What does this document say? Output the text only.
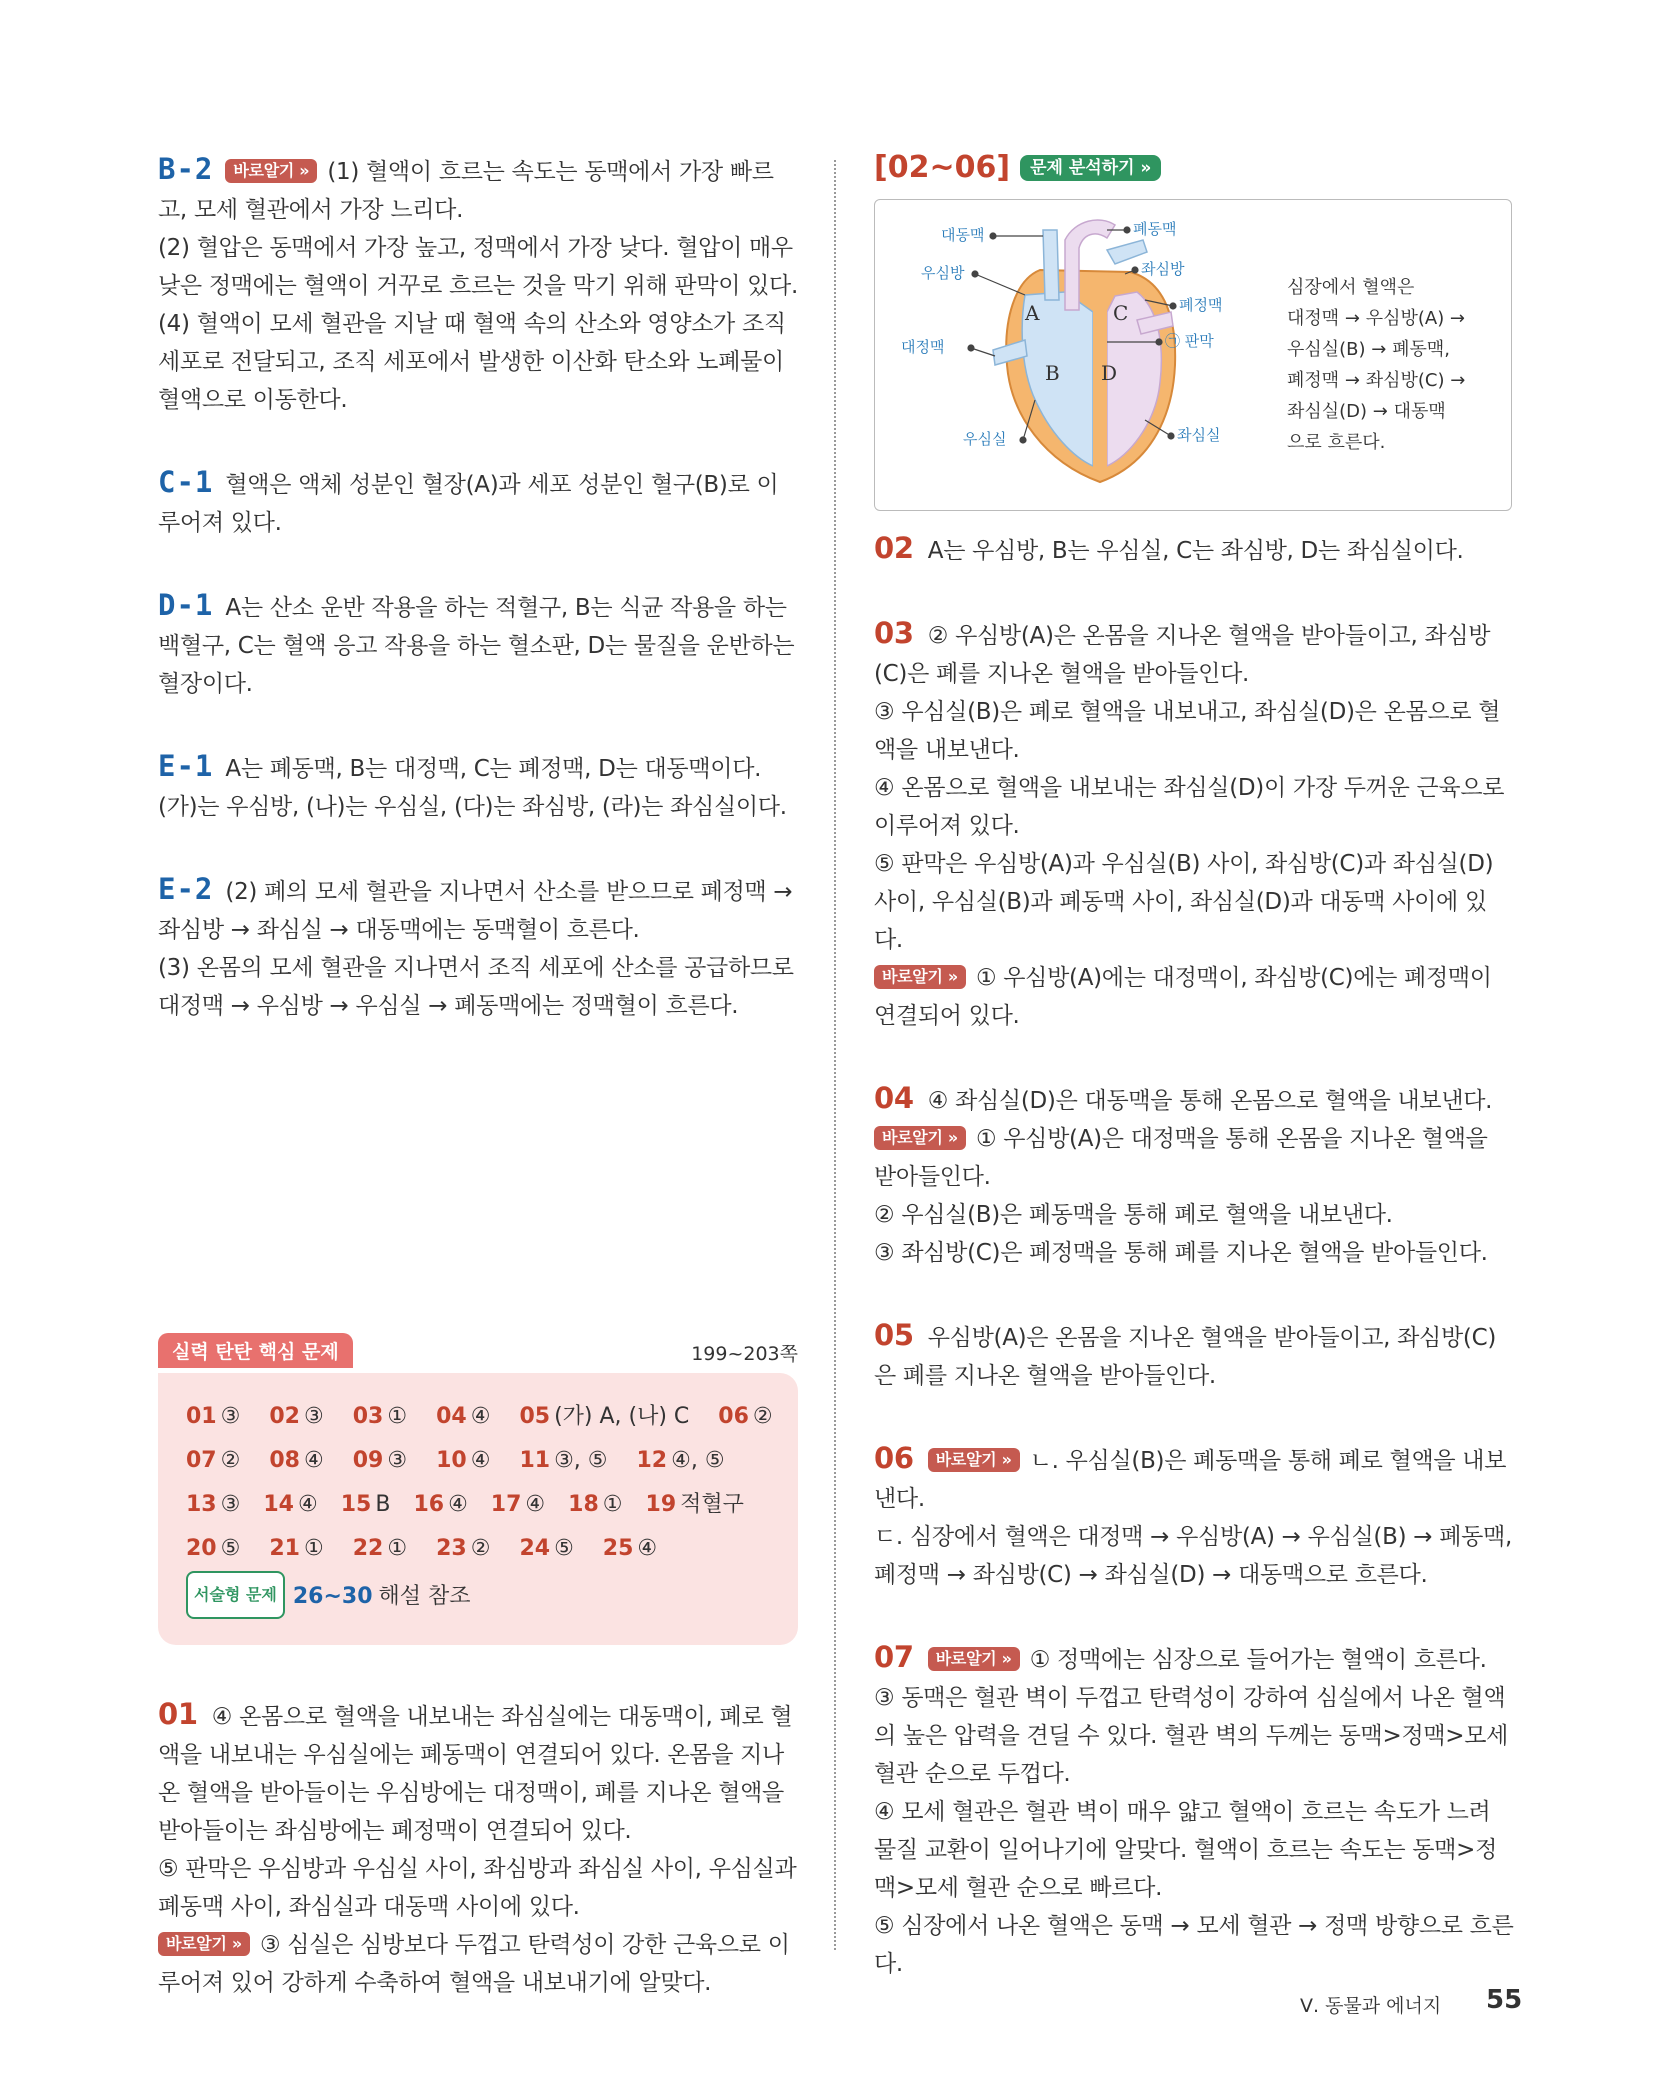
B-2 바로알기 » (1) 혈액이 흐르는 속도는 동맥에서 가장 빠르고, 모세 혈관에서 가장 느리다.

(2) 혈압은 동맥에서 가장 높고, 정맥에서 가장 낮다. 혈압이 매우 낮은 정맥에는 혈액이 거꾸로 흐르는 것을 막기 위해 판막이 있다.

(4) 혈액이 모세 혈관을 지날 때 혈액 속의 산소와 영양소가 조직 세포로 전달되고, 조직 세포에서 발생한 이산화 탄소와 노폐물이 혈액으로 이동한다.

C-1 혈액은 액체 성분인 혈장(A)과 세포 성분인 혈구(B)로 이루어져 있다.

D-1 A는 산소 운반 작용을 하는 적혈구, B는 식균 작용을 하는 백혈구, C는 혈액 응고 작용을 하는 혈소판, D는 물질을 운반하는 혈장이다.

E-1 A는 폐동맥, B는 대정맥, C는 폐정맥, D는 대동맥이다. (가)는 우심방, (나)는 우심실, (다)는 좌심방, (라)는 좌심실이다.

E-2 (2) 폐의 모세 혈관을 지나면서 산소를 받으므로 폐정맥 → 좌심방 → 좌심실 → 대동맥에는 동맥혈이 흐른다.

(3) 온몸의 모세 혈관을 지나면서 조직 세포에 산소를 공급하므로 대정맥 → 우심방 → 우심실 → 폐동맥에는 정맥혈이 흐른다.

실력 탄탄 핵심 문제	199~203쪽
01 ③ 02 ③ 03 ① 04 ④ 05 (가) A, (나) C 06 ②
07 ② 08 ④ 09 ③ 10 ④ 11 ③, ⑤ 12 ④, ⑤
13 ③ 14 ④ 15 B 16 ④ 17 ④ 18 ① 19 적혈구
20 ⑤ 21 ① 22 ① 23 ② 24 ⑤ 25 ④
서술형 문제 26~30 해설 참조

01 ④ 온몸으로 혈액을 내보내는 좌심실에는 대동맥이, 폐로 혈액을 내보내는 우심실에는 폐동맥이 연결되어 있다. 온몸을 지나온 혈액을 받아들이는 우심방에는 대정맥이, 폐를 지나온 혈액을 받아들이는 좌심방에는 폐정맥이 연결되어 있다.

⑤ 판막은 우심방과 우심실 사이, 좌심방과 좌심실 사이, 우심실과 폐동맥 사이, 좌심실과 대동맥 사이에 있다.

바로알기 » ③ 심실은 심방보다 두껍고 탄력성이 강한 근육으로 이루어져 있어 강하게 수축하여 혈액을 내보내기에 알맞다.

[02~06] 문제 분석하기 »
A	C
B D
대동맥	폐동맥
우심방	좌심방
폐정맥
대정맥	㉠ 판막
우심실	좌심실
심장에서 혈액은
대정맥 → 우심방(A) →
우심실(B) → 폐동맥,
폐정맥 → 좌심방(C) →
좌심실(D) → 대동맥
으로 흐른다.

02 A는 우심방, B는 우심실, C는 좌심방, D는 좌심실이다.

03 ② 우심방(A)은 온몸을 지나온 혈액을 받아들이고, 좌심방(C)은 폐를 지나온 혈액을 받아들인다.

③ 우심실(B)은 폐로 혈액을 내보내고, 좌심실(D)은 온몸으로 혈액을 내보낸다.

④ 온몸으로 혈액을 내보내는 좌심실(D)이 가장 두꺼운 근육으로 이루어져 있다.

⑤ 판막은 우심방(A)과 우심실(B) 사이, 좌심방(C)과 좌심실(D) 사이, 우심실(B)과 폐동맥 사이, 좌심실(D)과 대동맥 사이에 있다.

바로알기 » ① 우심방(A)에는 대정맥이, 좌심방(C)에는 폐정맥이 연결되어 있다.

04 ④ 좌심실(D)은 대동맥을 통해 온몸으로 혈액을 내보낸다.

바로알기 » ① 우심방(A)은 대정맥을 통해 온몸을 지나온 혈액을 받아들인다.

② 우심실(B)은 폐동맥을 통해 폐로 혈액을 내보낸다.

③ 좌심방(C)은 폐정맥을 통해 폐를 지나온 혈액을 받아들인다.

05 우심방(A)은 온몸을 지나온 혈액을 받아들이고, 좌심방(C)은 폐를 지나온 혈액을 받아들인다.

06 바로알기 » ㄴ. 우심실(B)은 폐동맥을 통해 폐로 혈액을 내보낸다.

ㄷ. 심장에서 혈액은 대정맥 → 우심방(A) → 우심실(B) → 폐동맥, 폐정맥 → 좌심방(C) → 좌심실(D) → 대동맥으로 흐른다.

07 바로알기 » ① 정맥에는 심장으로 들어가는 혈액이 흐른다.

③ 동맥은 혈관 벽이 두껍고 탄력성이 강하여 심실에서 나온 혈액의 높은 압력을 견딜 수 있다. 혈관 벽의 두께는 동맥>정맥>모세 혈관 순으로 두껍다.

④ 모세 혈관은 혈관 벽이 매우 얇고 혈액이 흐르는 속도가 느려 물질 교환이 일어나기에 알맞다. 혈액이 흐르는 속도는 동맥>정맥>모세 혈관 순으로 빠르다.

⑤ 심장에서 나온 혈액은 동맥 → 모세 혈관 → 정맥 방향으로 흐른다.

Ⅴ. 동물과 에너지 55
